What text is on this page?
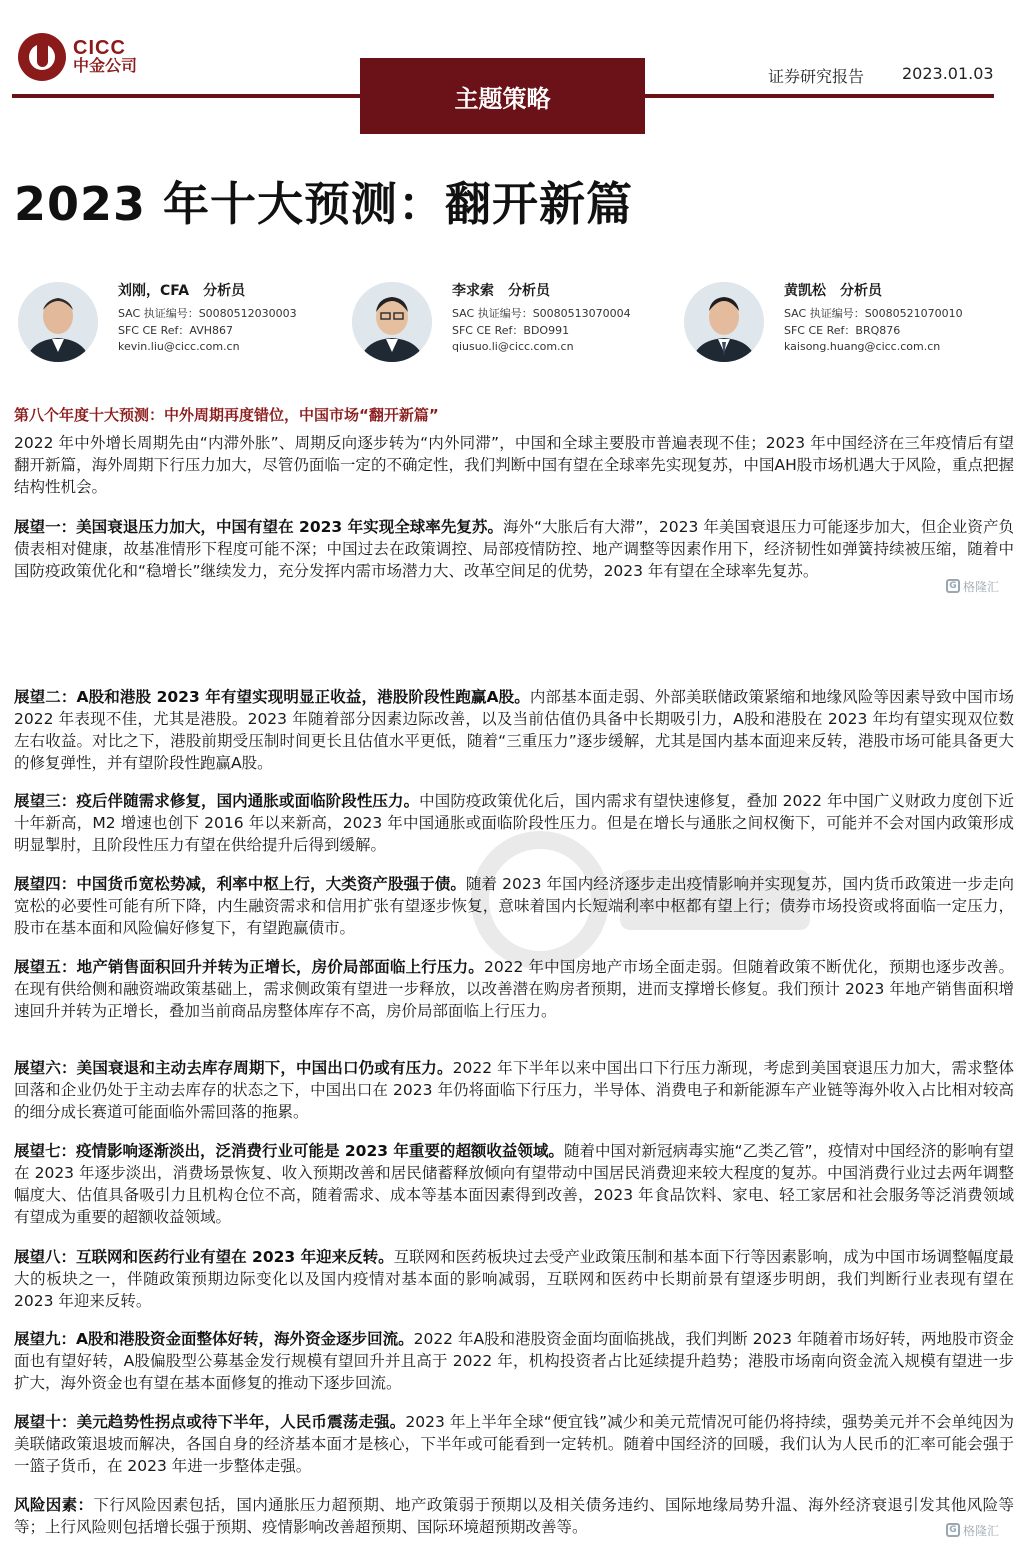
CICC
中金公司
主题策略
证券研究报告 2023.01.03
2023 年十大预测：翻开新篇
刘刚，CFA　分析员
SAC 执证编号：S0080512030003
SFC CE Ref：AVH867
kevin.liu@cicc.com.cn
李求索　分析员
SAC 执证编号：S0080513070004
SFC CE Ref：BDO991
qiusuo.li@cicc.com.cn
黄凯松　分析员
SAC 执证编号：S0080521070010
SFC CE Ref：BRQ876
kaisong.huang@cicc.com.cn
第八个年度十大预测：中外周期再度错位，中国市场“翻开新篇”
2022 年中外增长周期先由“内滞外胀”、周期反向逐步转为“内外同滞”，中国和全球主要股市普遍表现不佳；2023 年中国经济在三年疫情后有望翻开新篇，海外周期下行压力加大，尽管仍面临一定的不确定性，我们判断中国有望在全球率先实现复苏，中国AH股市场机遇大于风险，重点把握结构性机会。
展望一：美国衰退压力加大，中国有望在 2023 年实现全球率先复苏。海外“大胀后有大滞”，2023 年美国衰退压力可能逐步加大，但企业资产负债表相对健康，故基准情形下程度可能不深；中国过去在政策调控、局部疫情防控、地产调整等因素作用下，经济韧性如弹簧持续被压缩，随着中国防疫政策优化和“稳增长”继续发力，充分发挥内需市场潜力大、改革空间足的优势，2023 年有望在全球率先复苏。
展望二：A股和港股 2023 年有望实现明显正收益，港股阶段性跑赢A股。内部基本面走弱、外部美联储政策紧缩和地缘风险等因素导致中国市场 2022 年表现不佳，尤其是港股。2023 年随着部分因素边际改善，以及当前估值仍具备中长期吸引力，A股和港股在 2023 年均有望实现双位数左右收益。对比之下，港股前期受压制时间更长且估值水平更低，随着“三重压力”逐步缓解，尤其是国内基本面迎来反转，港股市场可能具备更大的修复弹性，并有望阶段性跑赢A股。
展望三：疫后伴随需求修复，国内通胀或面临阶段性压力。中国防疫政策优化后，国内需求有望快速修复，叠加 2022 年中国广义财政力度创下近十年新高，M2 增速也创下 2016 年以来新高，2023 年中国通胀或面临阶段性压力。但是在增长与通胀之间权衡下，可能并不会对国内政策形成明显掣肘，且阶段性压力有望在供给提升后得到缓解。
展望四：中国货币宽松势减，利率中枢上行，大类资产股强于债。随着 2023 年国内经济逐步走出疫情影响并实现复苏，国内货币政策进一步走向宽松的必要性可能有所下降，内生融资需求和信用扩张有望逐步恢复，意味着国内长短端利率中枢都有望上行；债券市场投资或将面临一定压力，股市在基本面和风险偏好修复下，有望跑赢债市。
展望五：地产销售面积回升并转为正增长，房价局部面临上行压力。2022 年中国房地产市场全面走弱。但随着政策不断优化，预期也逐步改善。在现有供给侧和融资端政策基础上，需求侧政策有望进一步释放，以改善潜在购房者预期，进而支撑增长修复。我们预计 2023 年地产销售面积增速回升并转为正增长，叠加当前商品房整体库存不高，房价局部面临上行压力。
展望六：美国衰退和主动去库存周期下，中国出口仍或有压力。2022 年下半年以来中国出口下行压力渐现，考虑到美国衰退压力加大，需求整体回落和企业仍处于主动去库存的状态之下，中国出口在 2023 年仍将面临下行压力，半导体、消费电子和新能源车产业链等海外收入占比相对较高的细分成长赛道可能面临外需回落的拖累。
展望七：疫情影响逐渐淡出，泛消费行业可能是 2023 年重要的超额收益领域。随着中国对新冠病毒实施“乙类乙管”，疫情对中国经济的影响有望在 2023 年逐步淡出，消费场景恢复、收入预期改善和居民储蓄释放倾向有望带动中国居民消费迎来较大程度的复苏。中国消费行业过去两年调整幅度大、估值具备吸引力且机构仓位不高，随着需求、成本等基本面因素得到改善，2023 年食品饮料、家电、轻工家居和社会服务等泛消费领域有望成为重要的超额收益领域。
展望八：互联网和医药行业有望在 2023 年迎来反转。互联网和医药板块过去受产业政策压制和基本面下行等因素影响，成为中国市场调整幅度最大的板块之一，伴随政策预期边际变化以及国内疫情对基本面的影响减弱，互联网和医药中长期前景有望逐步明朗，我们判断行业表现有望在 2023 年迎来反转。
展望九：A股和港股资金面整体好转，海外资金逐步回流。2022 年A股和港股资金面均面临挑战，我们判断 2023 年随着市场好转，两地股市资金面也有望好转，A股偏股型公募基金发行规模有望回升并且高于 2022 年，机构投资者占比延续提升趋势；港股市场南向资金流入规模有望进一步扩大，海外资金也有望在基本面修复的推动下逐步回流。
展望十：美元趋势性拐点或待下半年，人民币震荡走强。2023 年上半年全球“便宜钱”减少和美元荒情况可能仍将持续，强势美元并不会单纯因为美联储政策退坡而解决，各国自身的经济基本面才是核心，下半年或可能看到一定转机。随着中国经济的回暖，我们认为人民币的汇率可能会强于一篮子货币，在 2023 年进一步整体走强。
风险因素：下行风险因素包括，国内通胀压力超预期、地产政策弱于预期以及相关债务违约、国际地缘局势升温、海外经济衰退引发其他风险等等；上行风险则包括增长强于预期、疫情影响改善超预期、国际环境超预期改善等。
G 格隆汇
G 格隆汇
